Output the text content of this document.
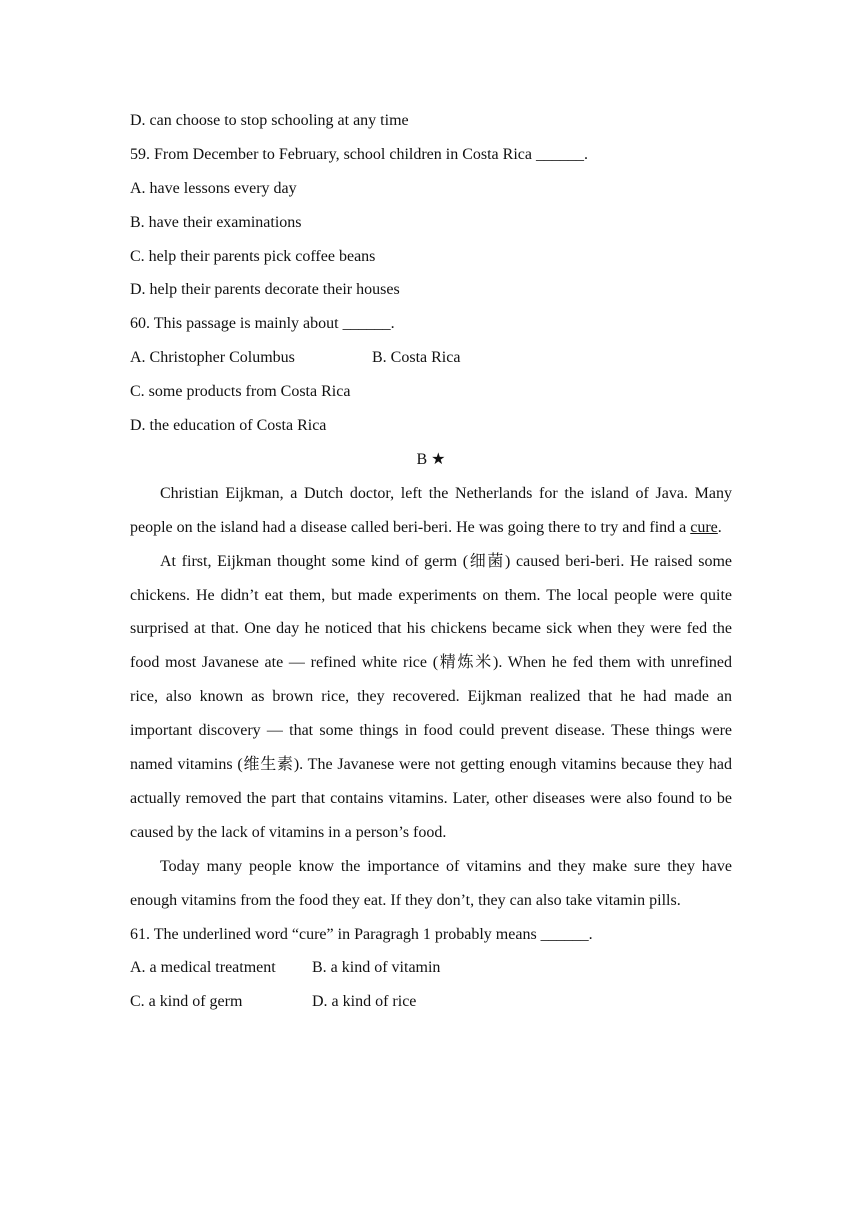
D. can choose to stop schooling at any time
59. From December to February, school children in Costa Rica ______.
A. have lessons every day
B. have their examinations
C. help their parents pick coffee beans
D. help their parents decorate their houses
60. This passage is mainly about ______.
A. Christopher Columbus	B. Costa Rica
C. some products from Costa Rica
D. the education of Costa Rica
B ★

Christian Eijkman, a Dutch doctor, left the Netherlands for the island of Java. Many people on the island had a disease called beri-beri. He was going there to try and find a cure.

At first, Eijkman thought some kind of germ (细菌) caused beri-beri. He raised some chickens. He didn’t eat them, but made experiments on them. The local people were quite surprised at that. One day he noticed that his chickens became sick when they were fed the food most Javanese ate — refined white rice (精炼米). When he fed them with unrefined rice, also known as brown rice, they recovered. Eijkman realized that he had made an important discovery — that some things in food could prevent disease. These things were named vitamins (维生素). The Javanese were not getting enough vitamins because they had actually removed the part that contains vitamins. Later, other diseases were also found to be caused by the lack of vitamins in a person’s food.

Today many people know the importance of vitamins and they make sure they have enough vitamins from the food they eat. If they don’t, they can also take vitamin pills.

61. The underlined word “cure” in Paragragh 1 probably means ______.
A. a medical treatment B. a kind of vitamin
C. a kind of germ	D. a kind of rice
